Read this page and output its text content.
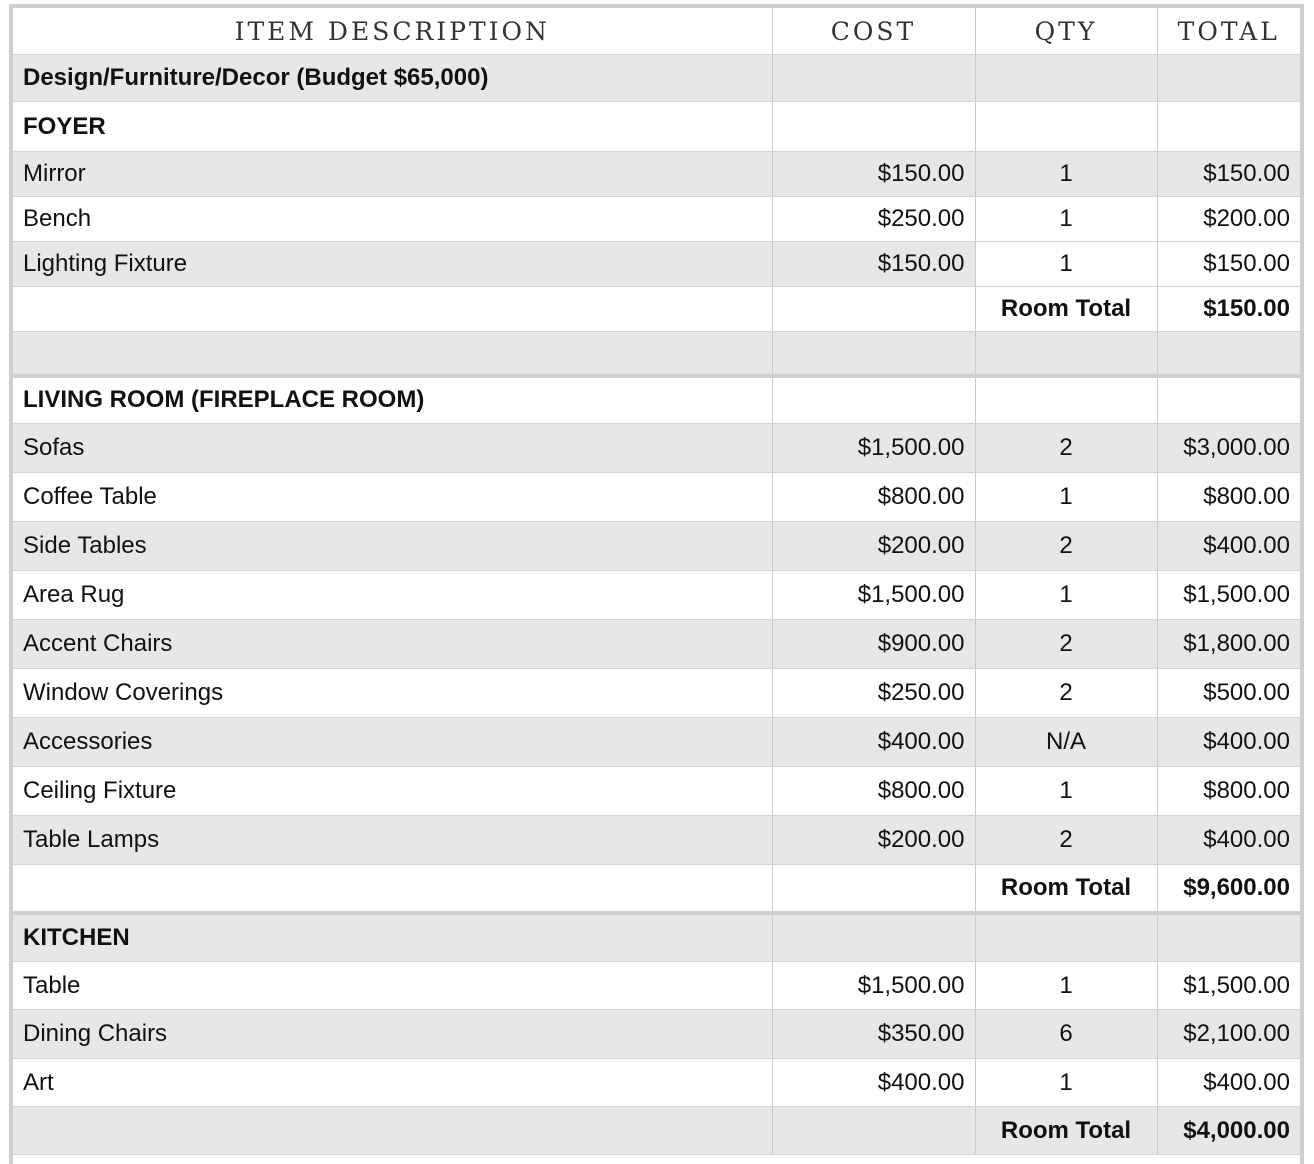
ITEM DESCRIPTION	COST	QTY	TOTAL
Design/Furniture/Decor (Budget $65,000)			
FOYER			
Mirror	$150.00	1	$150.00
Bench	$250.00	1	$200.00
Lighting Fixture	$150.00	1	$150.00
		Room Total	$150.00

LIVING ROOM (FIREPLACE ROOM)			
Sofas	$1,500.00	2	$3,000.00
Coffee Table	$800.00	1	$800.00
Side Tables	$200.00	2	$400.00
Area Rug	$1,500.00	1	$1,500.00
Accent Chairs	$900.00	2	$1,800.00
Window Coverings	$250.00	2	$500.00
Accessories	$400.00	N/A	$400.00
Ceiling Fixture	$800.00	1	$800.00
Table Lamps	$200.00	2	$400.00
		Room Total	$9,600.00
KITCHEN			
Table	$1,500.00	1	$1,500.00
Dining Chairs	$350.00	6	$2,100.00
Art	$400.00	1	$400.00
		Room Total	$4,000.00
